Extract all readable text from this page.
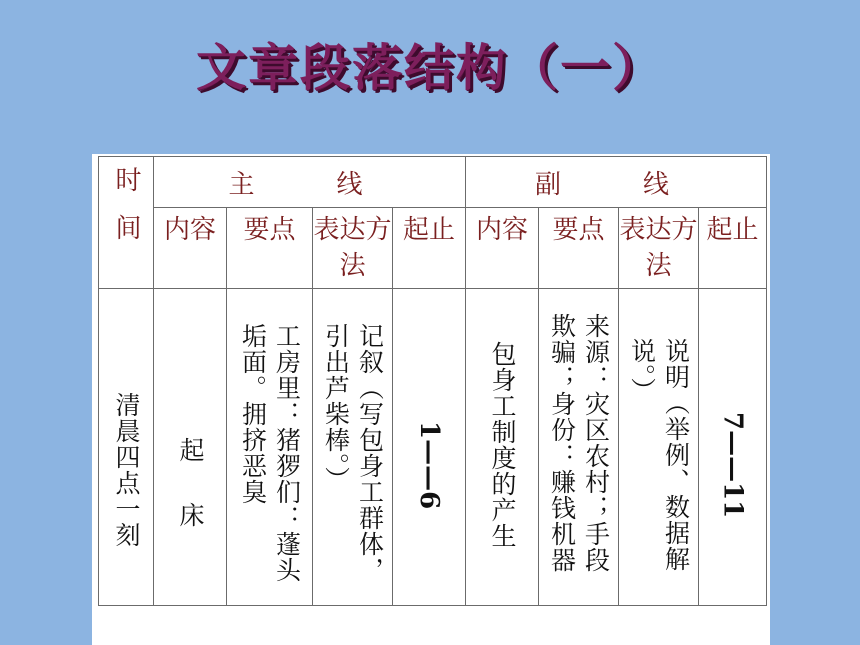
文章段落结构（一）
时间	主　线				副　线			
	内容	要点	表达方法	起止	内容	要点	表达方法	起止
清晨四点一刻	起 床	工房里：猪猡们：蓬头垢面。拥挤恶臭	记叙（写包身工群体，引出芦柴棒。）	1——6	包身工制度的产生	来源：灾区农村；手段欺骗；身份：赚钱机器	说明（举例、数据解说。）	7——11
